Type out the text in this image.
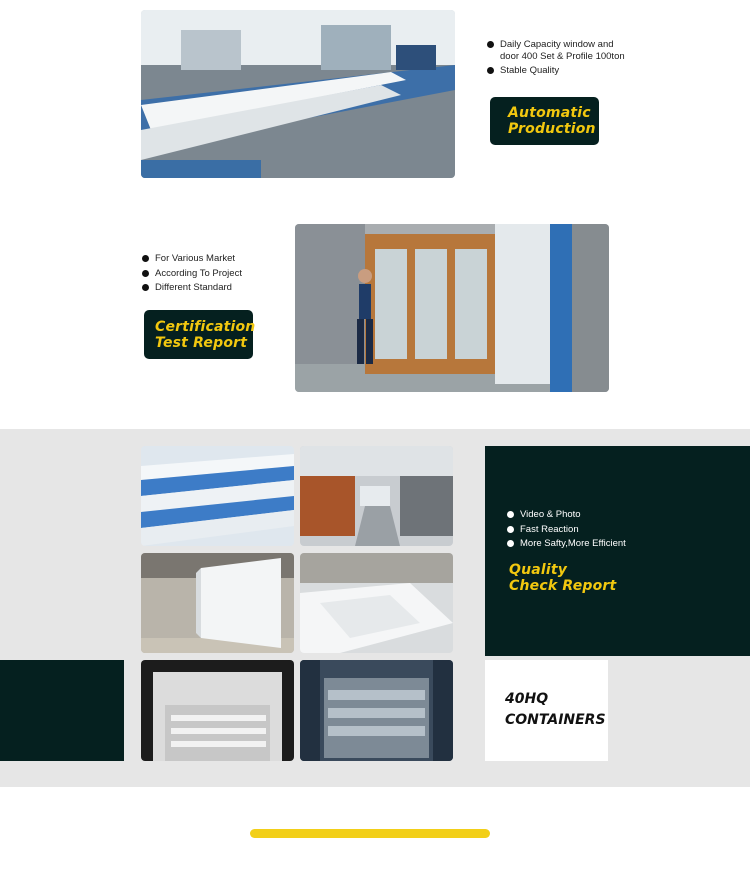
Daily Capacity window and door 400 Set & Profile 100ton
Stable Quality
Automatic
Production
For Various Market
According To Project
Different Standard
Certification
Test Report
Video & Photo
Fast Reaction
More Safty,More Efficient
Quality
Check Report
40HQ
CONTAINERS
